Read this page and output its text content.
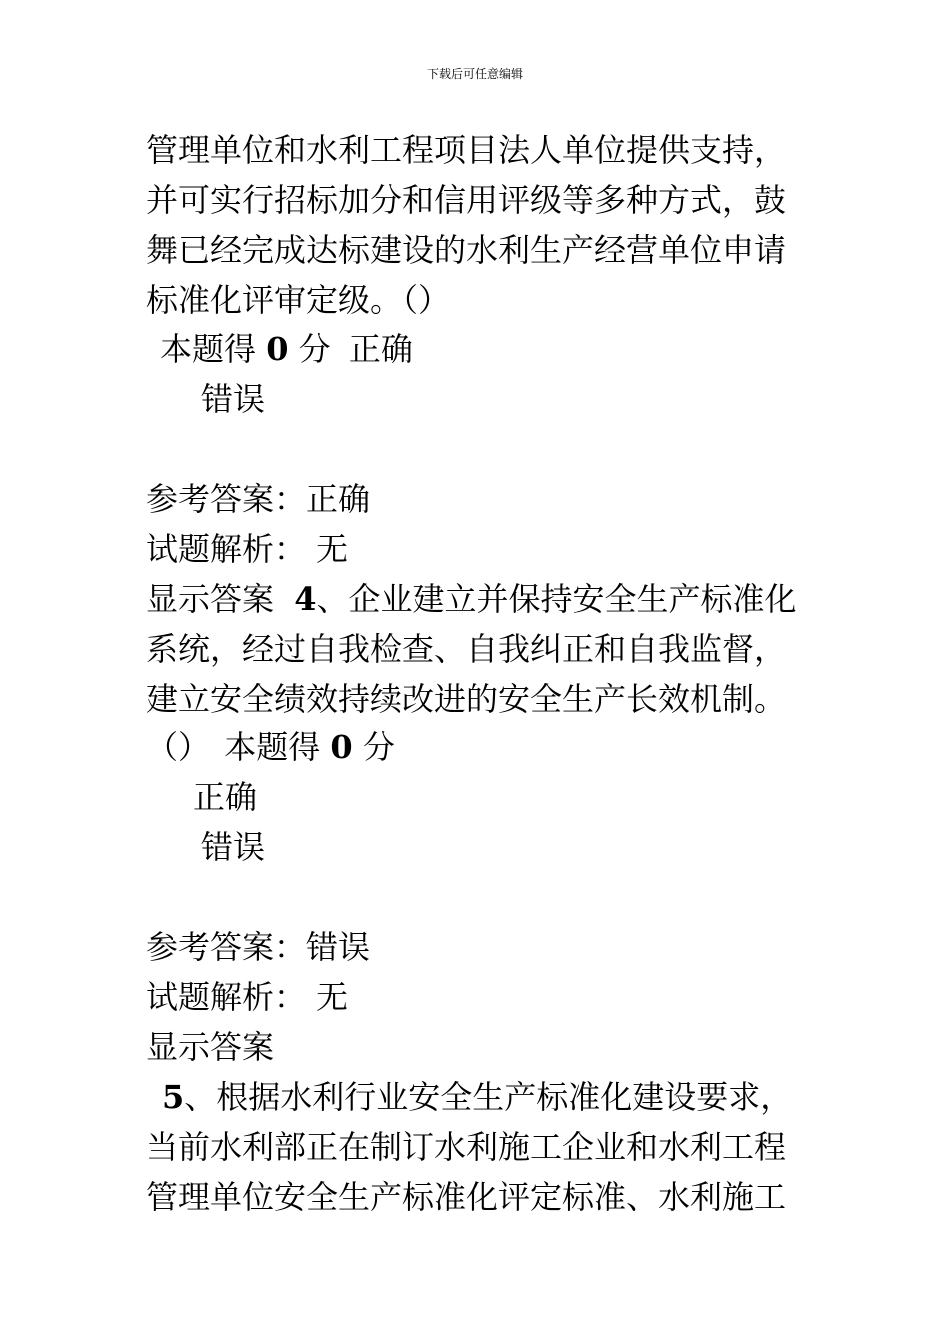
下载后可任意编辑
管理单位和水利工程项目法人单位提供支持，
并可实行招标加分和信用评级等多种方式，鼓
舞已经完成达标建设的水利生产经营单位申请
标准化评审定级。（）
本题得 0 分 正确
错误
参考答案：正确
试题解析： 无
显示答案 4、企业建立并保持安全生产标准化
系统，经过自我检查、自我纠正和自我监督，
建立安全绩效持续改进的安全生产长效机制。
（） 本题得 0 分
正确
错误
参考答案：错误
试题解析： 无
显示答案
5、根据水利行业安全生产标准化建设要求，
当前水利部正在制订水利施工企业和水利工程
管理单位安全生产标准化评定标准、水利施工
